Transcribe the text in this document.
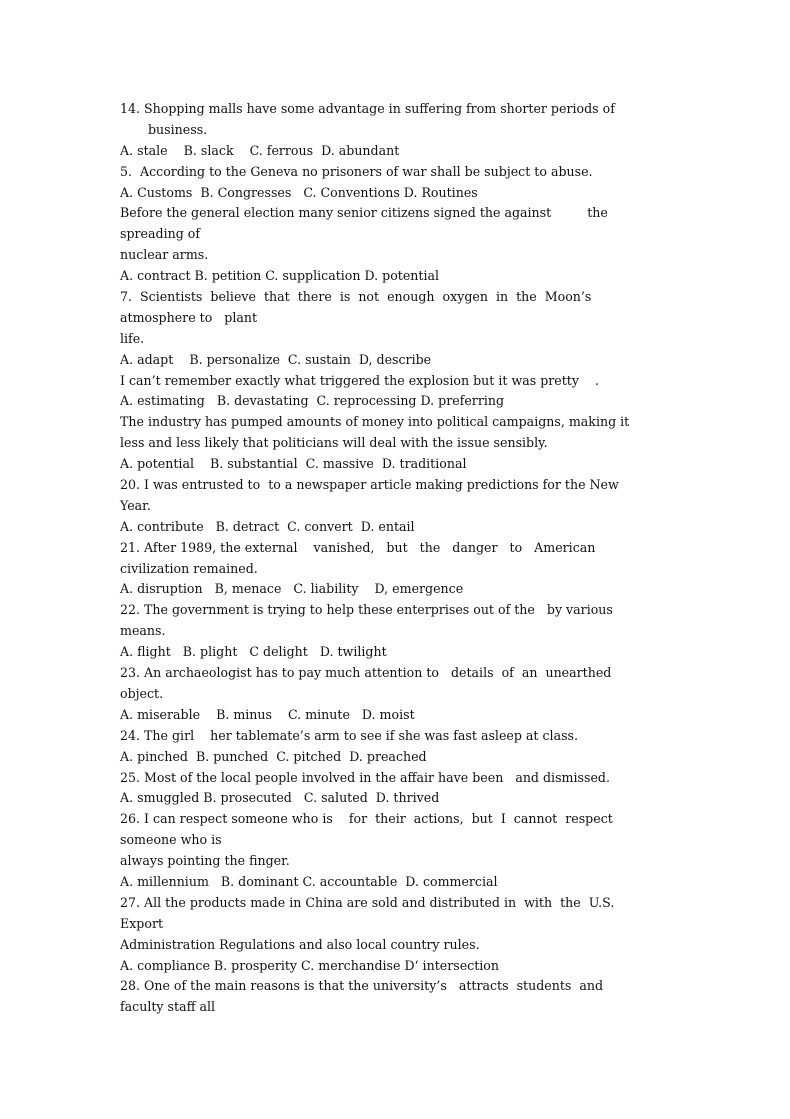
14. Shopping malls have some advantage in suffering from shorter periods of
business.
A. stale    B. slack    C. ferrous  D. abundant
5.  According to the Geneva no prisoners of war shall be subject to abuse.
A. Customs  B. Congresses   C. Conventions D. Routines
Before the general election many senior citizens signed the against         the
spreading of
nuclear arms.
A. contract B. petition C. supplication D. potential
7.  Scientists  believe  that  there  is  not  enough  oxygen  in  the  Moon’s
atmosphere to   plant
life.
A. adapt    B. personalize  C. sustain  D, describe
I can’t remember exactly what triggered the explosion but it was pretty    .
A. estimating   B. devastating  C. reprocessing D. preferring
The industry has pumped amounts of money into political campaigns, making it
less and less likely that politicians will deal with the issue sensibly.
A. potential    B. substantial  C. massive  D. traditional
20. I was entrusted to  to a newspaper article making predictions for the New
Year.
A. contribute   B. detract  C. convert  D. entail
21. After 1989, the external    vanished,   but   the   danger   to   American
civilization remained.
A. disruption   B, menace   C. liability    D, emergence
22. The government is trying to help these enterprises out of the   by various
means.
A. flight   B. plight   C delight   D. twilight
23. An archaeologist has to pay much attention to   details  of  an  unearthed
object.
A. miserable    B. minus    C. minute   D. moist
24. The girl    her tablemate’s arm to see if she was fast asleep at class.
A. pinched  B. punched  C. pitched  D. preached
25. Most of the local people involved in the affair have been   and dismissed.
A. smuggled B. prosecuted   C. saluted  D. thrived
26. I can respect someone who is    for  their  actions,  but  I  cannot  respect
someone who is
always pointing the finger.
A. millennium   B. dominant C. accountable  D. commercial
27. All the products made in China are sold and distributed in  with  the  U.S.
Export
Administration Regulations and also local country rules.
A. compliance B. prosperity C. merchandise D‘ intersection
28. One of the main reasons is that the university’s   attracts  students  and
faculty staff all
